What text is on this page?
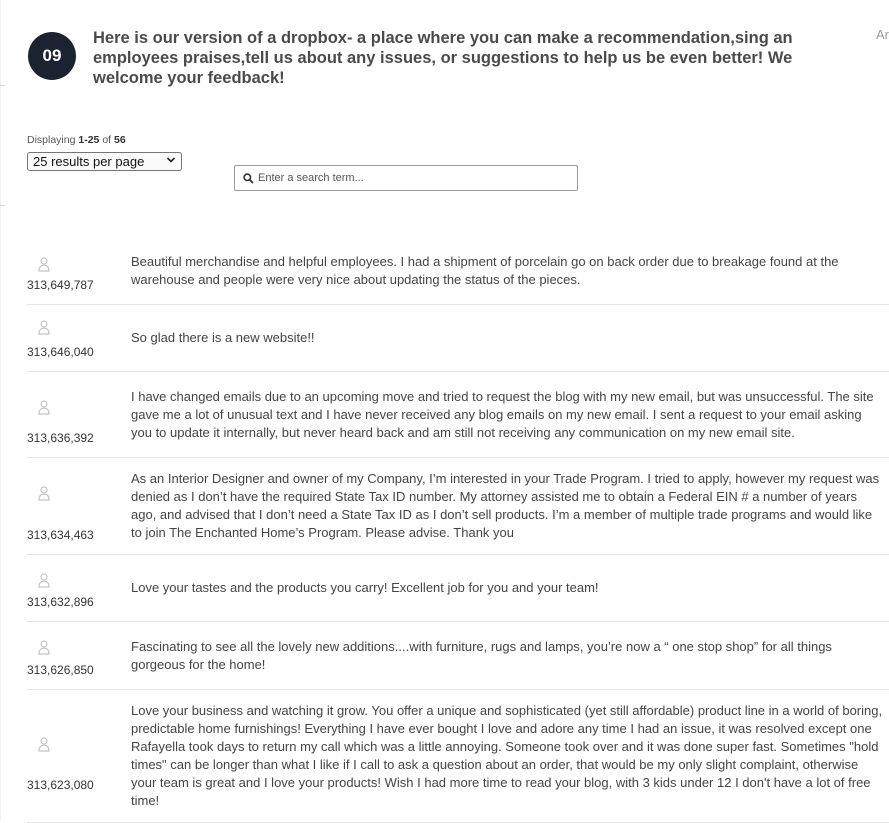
Ar
09
Here is our version of a dropbox- a place where you can make a recommendation,sing an employees praises,tell us about any issues, or suggestions to help us be even better! We welcome your feedback!
Displaying 1-25 of 56
25 results per page
Enter a search term...
313,649,787
Beautiful merchandise and helpful employees. I had a shipment of porcelain go on back order due to breakage found at the warehouse and people were very nice about updating the status of the pieces.
313,646,040
So glad there is a new website!!
313,636,392
I have changed emails due to an upcoming move and tried to request the blog with my new email, but was unsuccessful. The site gave me a lot of unusual text and I have never received any blog emails on my new email. I sent a request to your email asking you to update it internally, but never heard back and am still not receiving any communication on my new email site.
313,634,463
As an Interior Designer and owner of my Company, I’m interested in your Trade Program. I tried to apply, however my request was denied as I don’t have the required State Tax ID number. My attorney assisted me to obtain a Federal EIN # a number of years ago, and advised that I don’t need a State Tax ID as I don’t sell products. I’m a member of multiple trade programs and would like to join The Enchanted Home’s Program. Please advise. Thank you
313,632,896
Love your tastes and the products you carry! Excellent job for you and your team!
313,626,850
Fascinating to see all the lovely new additions....with furniture, rugs and lamps, you’re now a “ one stop shop” for all things gorgeous for the home!
313,623,080
Love your business and watching it grow. You offer a unique and sophisticated (yet still affordable) product line in a world of boring, predictable home furnishings! Everything I have ever bought I love and adore any time I had an issue, it was resolved except one Rafayella took days to return my call which was a little annoying. Someone took over and it was done super fast. Sometimes "hold times" can be longer than what I like if I call to ask a question about an order, that would be my only slight complaint, otherwise your team is great and I love your products! Wish I had more time to read your blog, with 3 kids under 12 I don't have a lot of free time!
